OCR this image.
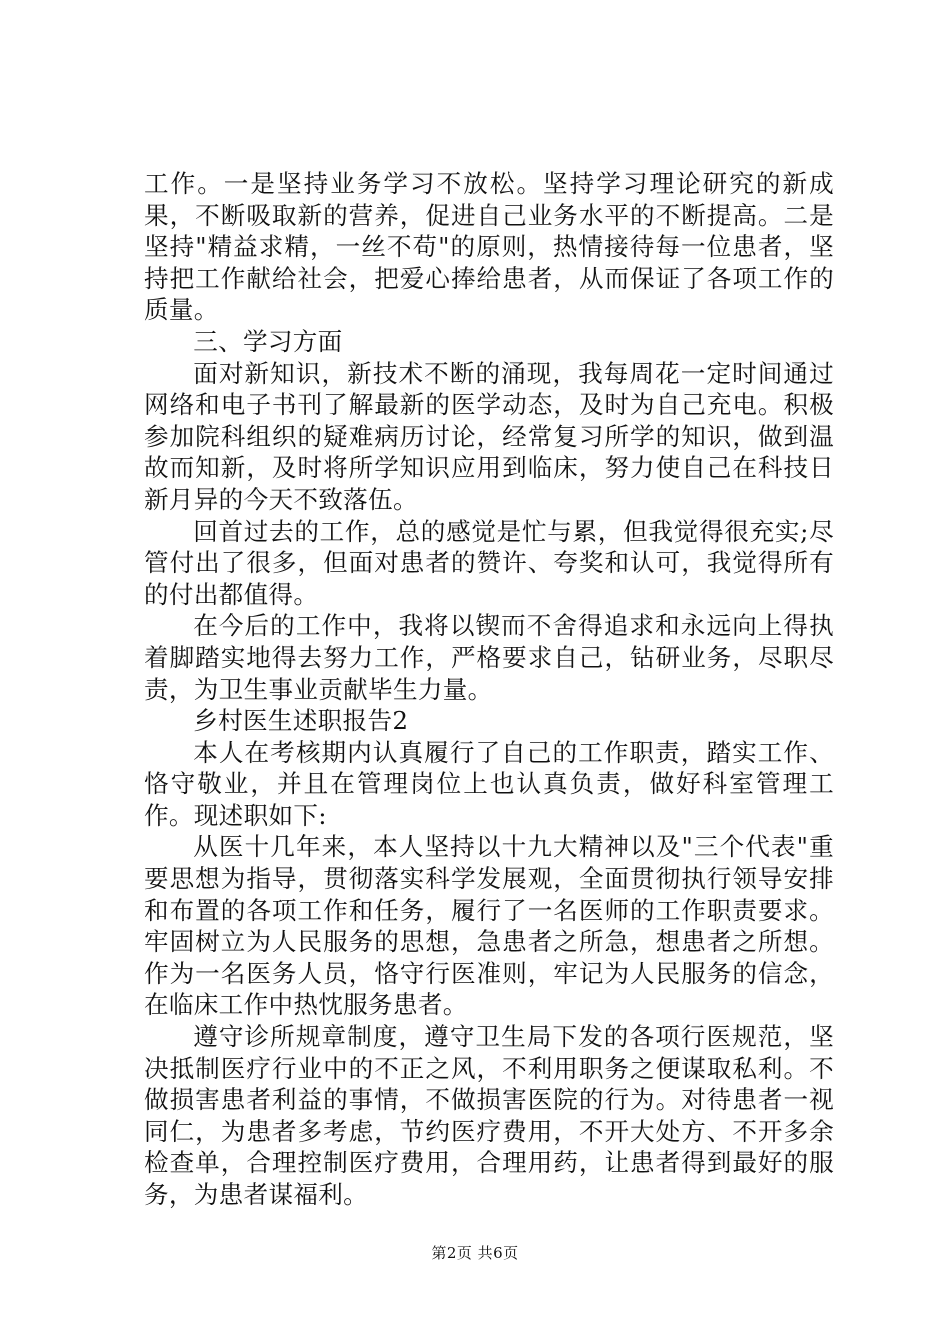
工作。一是坚持业务学习不放松。坚持学习理论研究的新成果，不断吸取新的营养，促进自己业务水平的不断提高。二是坚持"精益求精，一丝不苟"的原则，热情接待每一位患者，坚持把工作献给社会，把爱心捧给患者，从而保证了各项工作的质量。

三、学习方面

面对新知识，新技术不断的涌现，我每周花一定时间通过网络和电子书刊了解最新的医学动态，及时为自己充电。积极参加院科组织的疑难病历讨论，经常复习所学的知识，做到温故而知新，及时将所学知识应用到临床，努力使自己在科技日新月异的今天不致落伍。

回首过去的工作，总的感觉是忙与累，但我觉得很充实;尽管付出了很多，但面对患者的赞许、夸奖和认可，我觉得所有的付出都值得。

在今后的工作中，我将以锲而不舍得追求和永远向上得执着脚踏实地得去努力工作，严格要求自己，钻研业务，尽职尽责，为卫生事业贡献毕生力量。

乡村医生述职报告2

本人在考核期内认真履行了自己的工作职责，踏实工作、恪守敬业，并且在管理岗位上也认真负责，做好科室管理工作。现述职如下:

从医十几年来，本人坚持以十九大精神以及"三个代表"重要思想为指导，贯彻落实科学发展观，全面贯彻执行领导安排和布置的各项工作和任务，履行了一名医师的工作职责要求。牢固树立为人民服务的思想，急患者之所急，想患者之所想。作为一名医务人员，恪守行医准则，牢记为人民服务的信念，在临床工作中热忱服务患者。

遵守诊所规章制度，遵守卫生局下发的各项行医规范，坚决抵制医疗行业中的不正之风，不利用职务之便谋取私利。不做损害患者利益的事情，不做损害医院的行为。对待患者一视同仁，为患者多考虑，节约医疗费用，不开大处方、不开多余检查单，合理控制医疗费用，合理用药，让患者得到最好的服务，为患者谋福利。

第2页 共6页
